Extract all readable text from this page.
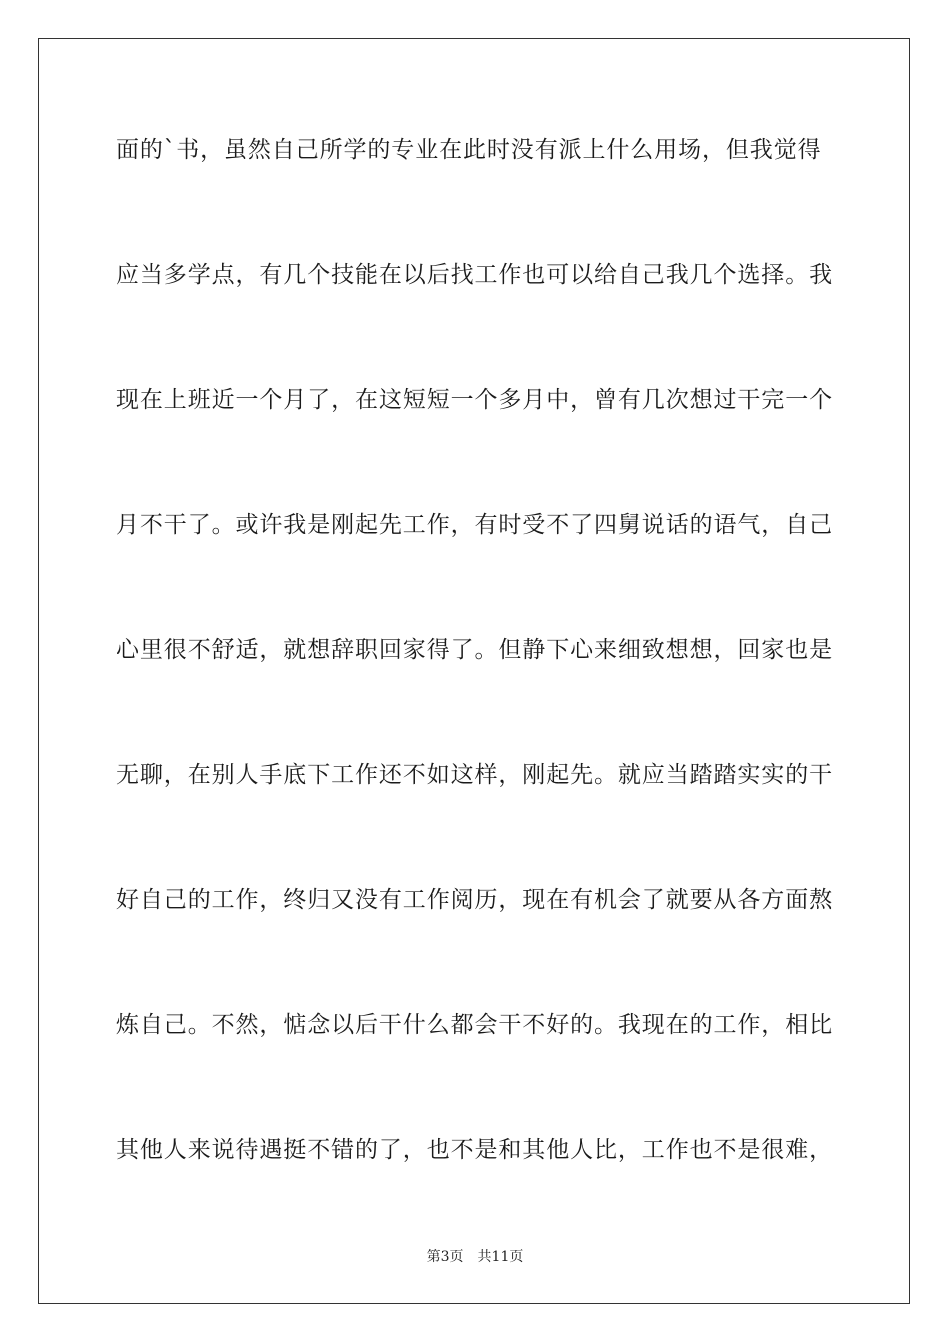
面的`书，虽然自己所学的专业在此时没有派上什么用场，但我觉得
应当多学点，有几个技能在以后找工作也可以给自己我几个选择。我
现在上班近一个月了，在这短短一个多月中，曾有几次想过干完一个
月不干了。或许我是刚起先工作，有时受不了四舅说话的语气，自己
心里很不舒适，就想辞职回家得了。但静下心来细致想想，回家也是
无聊，在别人手底下工作还不如这样，刚起先。就应当踏踏实实的干
好自己的工作，终归又没有工作阅历，现在有机会了就要从各方面熬
炼自己。不然，惦念以后干什么都会干不好的。我现在的工作，相比
其他人来说待遇挺不错的了，也不是和其他人比，工作也不是很难，
第3页 共11页
